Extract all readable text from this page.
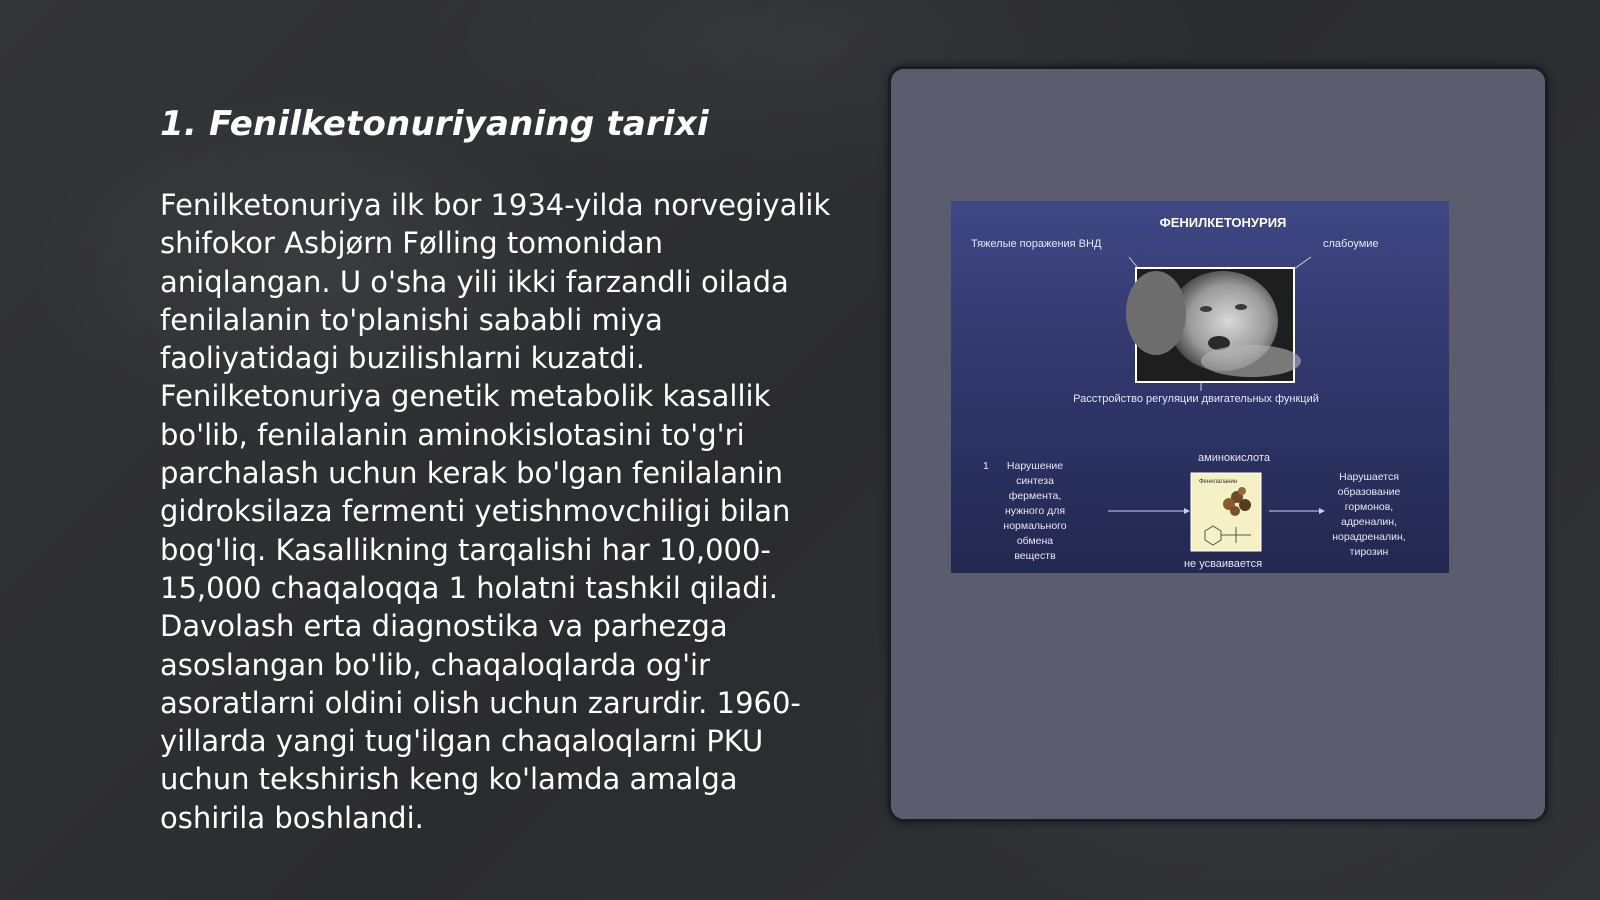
1. Fenilketonuriyaning tarixi

Fenilketonuriya ilk bor 1934-yilda norvegiyalik shifokor Asbjørn Følling tomonidan aniqlangan. U o'sha yili ikki farzandli oilada fenilalanin to'planishi sababli miya faoliyatidagi buzilishlarni kuzatdi. Fenilketonuriya genetik metabolik kasallik bo'lib, fenilalanin aminokislotasini to'g'ri parchalash uchun kerak bo'lgan fenilalanin gidroksilaza fermenti yetishmovchiligi bilan bog'liq. Kasallikning tarqalishi har 10,000-15,000 chaqaloqqa 1 holatni tashkil qiladi. Davolash erta diagnostika va parhezga asoslangan bo'lib, chaqaloqlarda og'ir asoratlarni oldini olish uchun zarurdir. 1960-yillarda yangi tug'ilgan chaqaloqlarni PKU uchun tekshirish keng ko'lamda amalga oshirila boshlandi.

ФЕНИЛКЕТОНУРИЯ
Тяжелые поражения ВНД	слабоумие
Расстройство регуляции двигательных функций
аминокислота
1 Нарушение
синтеза
фермента,
нужного для
нормального
обмена
веществ
Фенилаланин
не усваивается
Нарушается
образование
гормонов,
адреналин,
норадреналин,
тирозин
